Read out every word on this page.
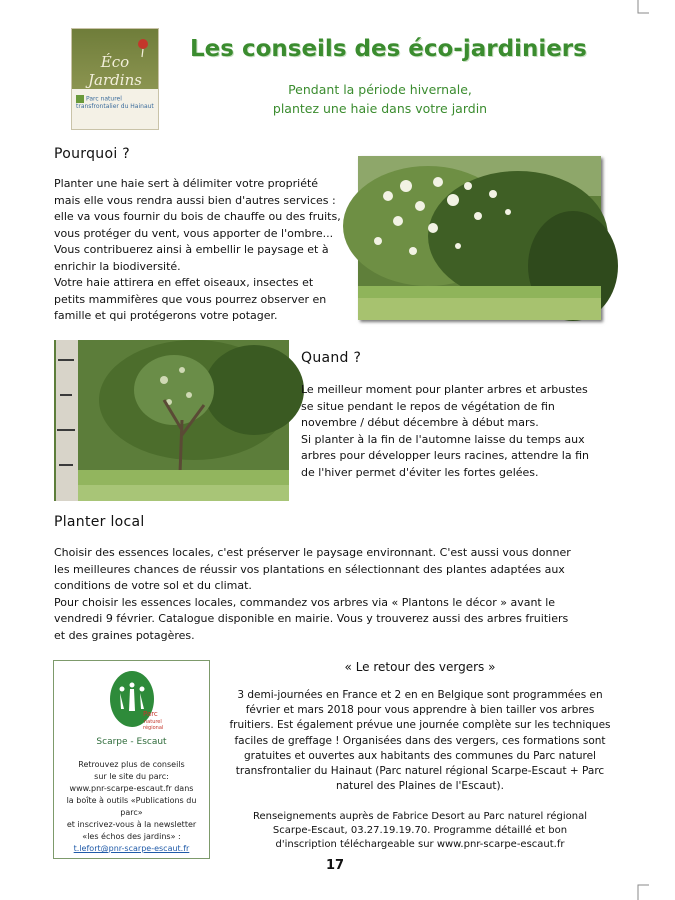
Éco Jardins
Parc naturel transfrontalier du Hainaut
Les conseils des éco-jardiniers
Pendant la période hivernale,
plantez une haie dans votre jardin
Pourquoi ?
Planter une haie sert à délimiter votre propriété
mais elle vous rendra aussi bien d'autres services :
elle va vous fournir du bois de chauffe ou des fruits,
vous protéger du vent, vous apporter de l'ombre...
Vous contribuerez ainsi à embellir le paysage et à
enrichir la biodiversité.
Votre haie attirera en effet oiseaux, insectes et
petits mammifères que vous pourrez observer en
famille et qui protégerons votre potager.
Quand ?
Le meilleur moment pour planter arbres et arbustes
se situe pendant le repos de végétation de fin
novembre / début décembre à début mars.
Si planter à la fin de l'automne laisse du temps aux
arbres pour développer leurs racines, attendre la fin
de l'hiver permet d'éviter les fortes gelées.
Planter local
Choisir des essences locales, c'est préserver le paysage environnant. C'est aussi vous donner
les meilleures chances de réussir vos plantations en sélectionnant des plantes adaptées aux
conditions de votre sol et du climat.
Pour choisir les essences locales, commandez vos arbres via « Plantons le décor » avant le
vendredi 9 février. Catalogue disponible en mairie. Vous y trouverez aussi des arbres fruitiers
et des graines potagères.
Parc
naturel
régional
Scarpe - Escaut
Retrouvez plus de conseils
sur le site du parc:
www.pnr-scarpe-escaut.fr dans
la boîte à outils «Publications du parc»
et inscrivez-vous à la newsletter
«les échos des jardins» :
t.lefort@pnr-scarpe-escaut.fr
« Le retour des vergers »
3 demi-journées en France et 2 en en Belgique sont programmées en
février et mars 2018 pour vous apprendre à bien tailler vos arbres
fruitiers. Est également prévue une journée complète sur les techniques
faciles de greffage ! Organisées dans des vergers, ces formations sont
gratuites et ouvertes aux habitants des communes du Parc naturel
transfrontalier du Hainaut (Parc naturel régional Scarpe-Escaut + Parc
naturel des Plaines de l'Escaut).
Renseignements auprès de Fabrice Desort au Parc naturel régional
Scarpe-Escaut, 03.27.19.19.70. Programme détaillé et bon
d'inscription téléchargeable sur www.pnr-scarpe-escaut.fr
17
